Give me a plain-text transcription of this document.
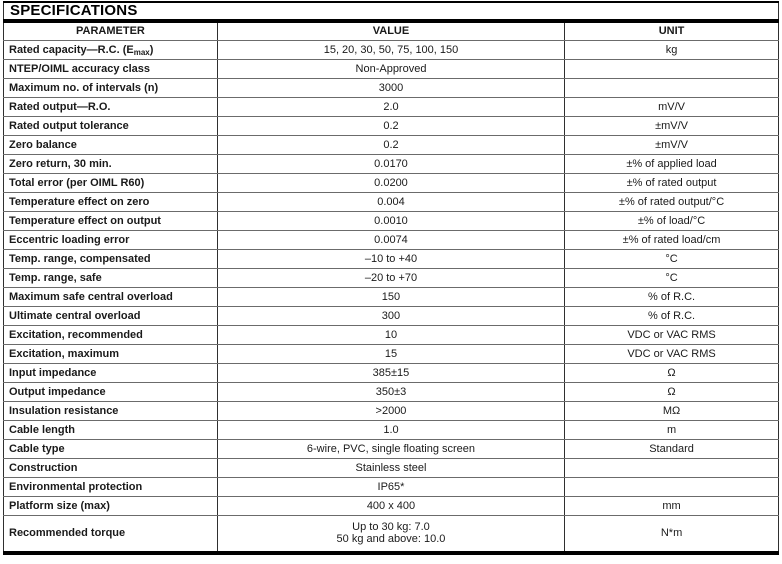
SPECIFICATIONS		
PARAMETER	VALUE	UNIT
Rated capacity—R.C. $(E_{max})$	15, 20, 30, 50, 75, 100, 150	kg
NTEP/OIML accuracy class	Non-Approved	

Maximum no. of intervals (n)	3000	

Rated output—R.O.	2.0	mV/V
Rated output tolerance	0.2	±mV/V
Zero balance	0.2	±mV/V
Zero return, 30 min.	0.0170	±% of applied load
Total error (per OIML R60)	0.0200	±% of rated output
Temperature effect on zero	0.004	±% of rated output/°C
Temperature effect on output	0.0010	±% of load/°C
Eccentric loading error	0.0074	±% of rated load/cm
Temp. range, compensated	–10 to +40	°C
Temp. range, safe	–20 to +70	°C
Maximum safe central overload	150	% of R.C.
Ultimate central overload	300	% of R.C.
Excitation, recommended	10	VDC or VAC RMS
Excitation, maximum	15	VDC or VAC RMS
Input impedance	385±15	Ω
Output impedance	350±3	Ω
Insulation resistance	>2000	MΩ
Cable length	1.0	m
Cable type	6-wire, PVC, single floating screen	Standard
Construction	Stainless steel	

Environmental protection	IP65*	

Platform size (max)	400 x 400	mm
Recommended torque	Up to 30 kg: 7.0
50 kg and above: 10.0	N*m
